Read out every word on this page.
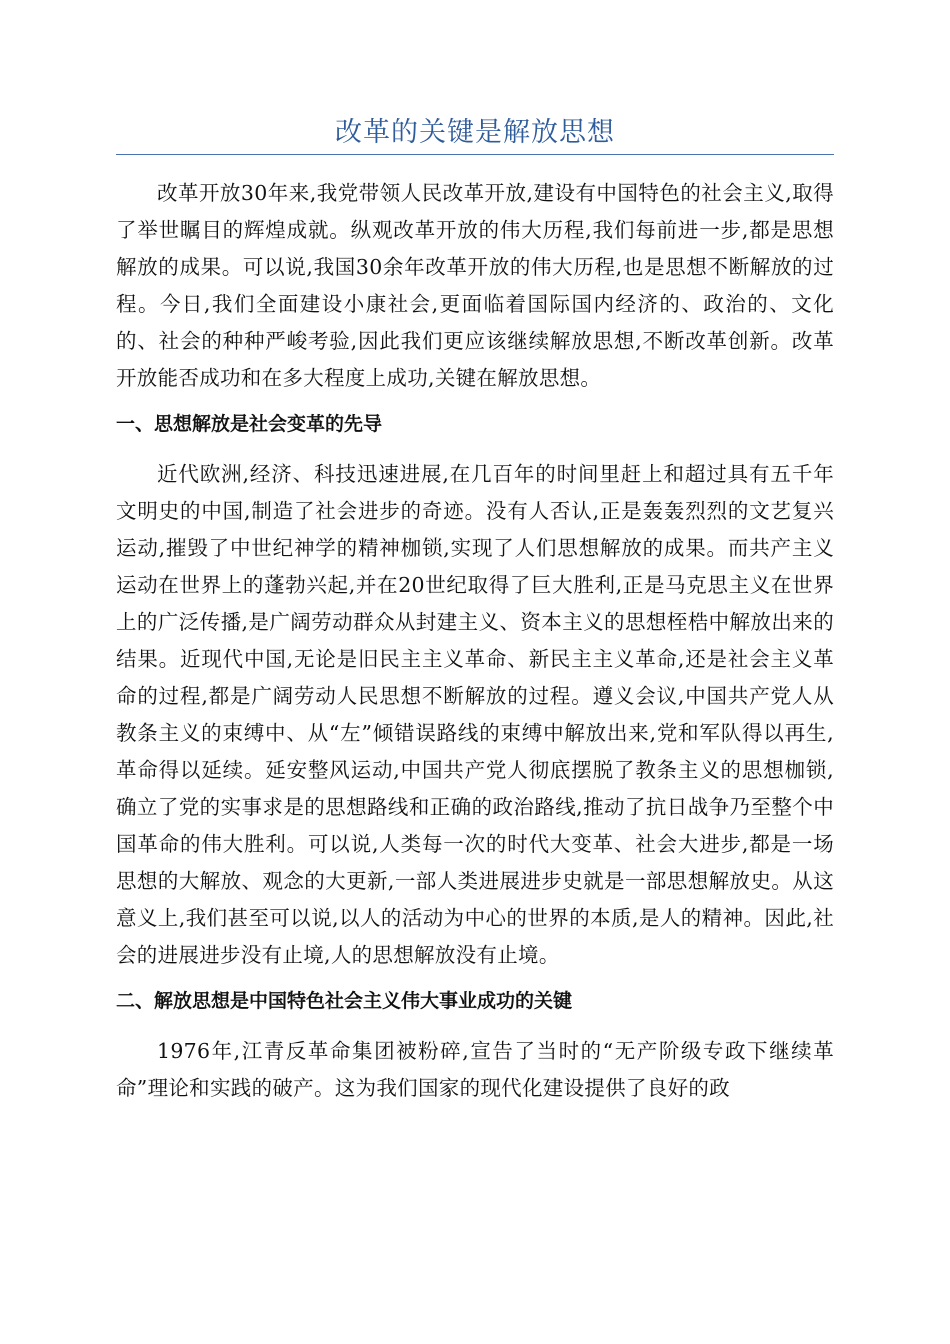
改革的关键是解放思想

改革开放30年来,我党带领人民改革开放,建设有中国特色的社会主义,取得了举世瞩目的辉煌成就。纵观改革开放的伟大历程,我们每前进一步,都是思想解放的成果。可以说,我国30余年改革开放的伟大历程,也是思想不断解放的过程。今日,我们全面建设小康社会,更面临着国际国内经济的、政治的、文化的、社会的种种严峻考验,因此我们更应该继续解放思想,不断改革创新。改革开放能否成功和在多大程度上成功,关键在解放思想。

一、思想解放是社会变革的先导

近代欧洲,经济、科技迅速进展,在几百年的时间里赶上和超过具有五千年文明史的中国,制造了社会进步的奇迹。没有人否认,正是轰轰烈烈的文艺复兴运动,摧毁了中世纪神学的精神枷锁,实现了人们思想解放的成果。而共产主义运动在世界上的蓬勃兴起,并在20世纪取得了巨大胜利,正是马克思主义在世界上的广泛传播,是广阔劳动群众从封建主义、资本主义的思想桎梏中解放出来的结果。近现代中国,无论是旧民主主义革命、新民主主义革命,还是社会主义革命的过程,都是广阔劳动人民思想不断解放的过程。遵义会议,中国共产党人从教条主义的束缚中、从“左”倾错误路线的束缚中解放出来,党和军队得以再生,革命得以延续。延安整风运动,中国共产党人彻底摆脱了教条主义的思想枷锁,确立了党的实事求是的思想路线和正确的政治路线,推动了抗日战争乃至整个中国革命的伟大胜利。可以说,人类每一次的时代大变革、社会大进步,都是一场思想的大解放、观念的大更新,一部人类进展进步史就是一部思想解放史。从这意义上,我们甚至可以说,以人的活动为中心的世界的本质,是人的精神。因此,社会的进展进步没有止境,人的思想解放没有止境。

二、解放思想是中国特色社会主义伟大事业成功的关键

1976年,江青反革命集团被粉碎,宣告了当时的“无产阶级专政下继续革命”理论和实践的破产。这为我们国家的现代化建设提供了良好的政
